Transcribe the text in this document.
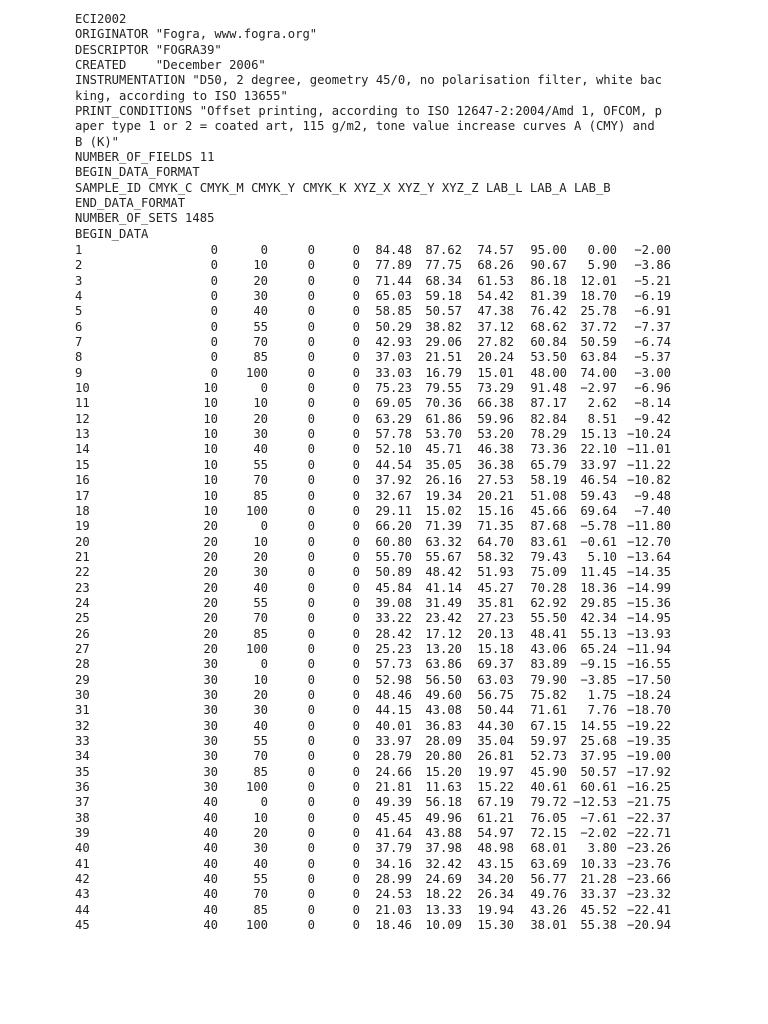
ECI2002
ORIGINATOR "Fogra, www.fogra.org"
DESCRIPTOR "FOGRA39"
CREATED    "December 2006"
INSTRUMENTATION "D50, 2 degree, geometry 45/0, no polarisation filter, white bac
king, according to ISO 13655"
PRINT_CONDITIONS "Offset printing, according to ISO 12647-2:2004/Amd 1, OFCOM, p
aper type 1 or 2 = coated art, 115 g/m2, tone value increase curves A (CMY) and
B (K)"
NUMBER_OF_FIELDS 11
BEGIN_DATA_FORMAT
SAMPLE_ID CMYK_C CMYK_M CMYK_Y CMYK_K XYZ_X XYZ_Y XYZ_Z LAB_L LAB_A LAB_B
END_DATA_FORMAT
NUMBER_OF_SETS 1485
BEGIN_DATA
1	0	0	0	0 84.48 87.62 74.57 95.00 0.00 −2.00
2	0	10	0	0 77.89 77.75 68.26 90.67 5.90 −3.86
3	0	20	0	0 71.44 68.34 61.53 86.18 12.01 −5.21
4	0	30	0	0 65.03 59.18 54.42 81.39 18.70 −6.19
5	0	40	0	0 58.85 50.57 47.38 76.42 25.78 −6.91
6	0	55	0	0 50.29 38.82 37.12 68.62 37.72 −7.37
7	0	70	0	0 42.93 29.06 27.82 60.84 50.59 −6.74
8	0	85	0	0 37.03 21.51 20.24 53.50 63.84 −5.37
9	0 100	0	0 33.03 16.79 15.01 48.00 74.00 −3.00
10	10	0	0	0 75.23 79.55 73.29 91.48 −2.97 −6.96
11	10	10	0	0 69.05 70.36 66.38 87.17 2.62 −8.14
12	10	20	0	0 63.29 61.86 59.96 82.84 8.51 −9.42
13	10	30	0	0 57.78 53.70 53.20 78.29 15.13 −10.24
14	10	40	0	0 52.10 45.71 46.38 73.36 22.10 −11.01
15	10	55	0	0 44.54 35.05 36.38 65.79 33.97 −11.22
16	10	70	0	0 37.92 26.16 27.53 58.19 46.54 −10.82
17	10	85	0	0 32.67 19.34 20.21 51.08 59.43 −9.48
18	10 100	0	0 29.11 15.02 15.16 45.66 69.64 −7.40
19	20	0	0	0 66.20 71.39 71.35 87.68 −5.78 −11.80
20	20	10	0	0 60.80 63.32 64.70 83.61 −0.61 −12.70
21	20	20	0	0 55.70 55.67 58.32 79.43 5.10 −13.64
22	20	30	0	0 50.89 48.42 51.93 75.09 11.45 −14.35
23	20	40	0	0 45.84 41.14 45.27 70.28 18.36 −14.99
24	20	55	0	0 39.08 31.49 35.81 62.92 29.85 −15.36
25	20	70	0	0 33.22 23.42 27.23 55.50 42.34 −14.95
26	20	85	0	0 28.42 17.12 20.13 48.41 55.13 −13.93
27	20 100	0	0 25.23 13.20 15.18 43.06 65.24 −11.94
28	30	0	0	0 57.73 63.86 69.37 83.89 −9.15 −16.55
29	30	10	0	0 52.98 56.50 63.03 79.90 −3.85 −17.50
30	30	20	0	0 48.46 49.60 56.75 75.82 1.75 −18.24
31	30	30	0	0 44.15 43.08 50.44 71.61 7.76 −18.70
32	30	40	0	0 40.01 36.83 44.30 67.15 14.55 −19.22
33	30	55	0	0 33.97 28.09 35.04 59.97 25.68 −19.35
34	30	70	0	0 28.79 20.80 26.81 52.73 37.95 −19.00
35	30	85	0	0 24.66 15.20 19.97 45.90 50.57 −17.92
36	30 100	0	0 21.81 11.63 15.22 40.61 60.61 −16.25
37	40	0	0	0 49.39 56.18 67.19 79.72 −12.53 −21.75
38	40	10	0	0 45.45 49.96 61.21 76.05 −7.61 −22.37
39	40	20	0	0 41.64 43.88 54.97 72.15 −2.02 −22.71
40	40	30	0	0 37.79 37.98 48.98 68.01 3.80 −23.26
41	40	40	0	0 34.16 32.42 43.15 63.69 10.33 −23.76
42	40	55	0	0 28.99 24.69 34.20 56.77 21.28 −23.66
43	40	70	0	0 24.53 18.22 26.34 49.76 33.37 −23.32
44	40	85	0	0 21.03 13.33 19.94 43.26 45.52 −22.41
45	40 100	0	0 18.46 10.09 15.30 38.01 55.38 −20.94
